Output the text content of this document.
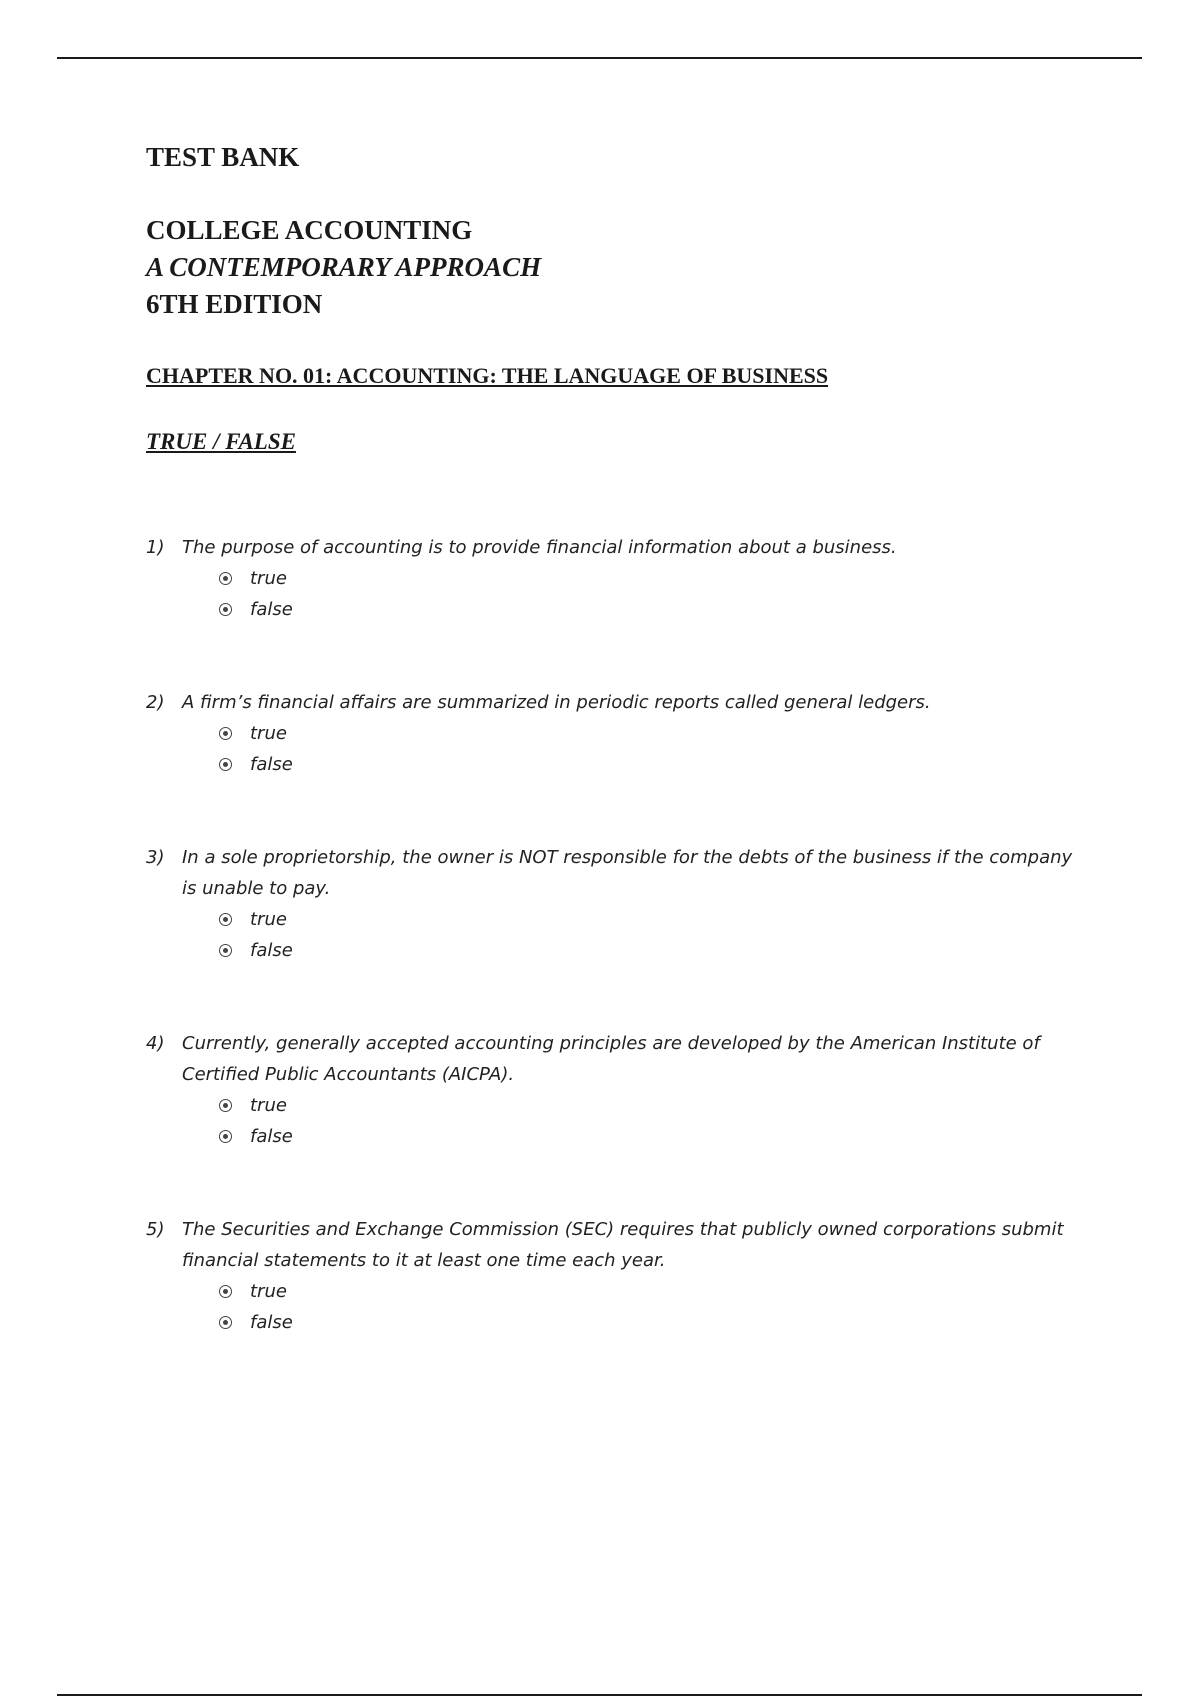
TEST BANK
COLLEGE ACCOUNTING
A CONTEMPORARY APPROACH
6TH EDITION
CHAPTER NO. 01: ACCOUNTING: THE LANGUAGE OF BUSINESS
TRUE / FALSE
1) The purpose of accounting is to provide financial information about a business.
true
false
2) A firm’s financial affairs are summarized in periodic reports called general ledgers.
true
false
3) In a sole proprietorship, the owner is NOT responsible for the debts of the business if the company is unable to pay.
true
false
4) Currently, generally accepted accounting principles are developed by the American Institute of Certified Public Accountants (AICPA).
true
false
5) The Securities and Exchange Commission (SEC) requires that publicly owned corporations submit financial statements to it at least one time each year.
true
false
